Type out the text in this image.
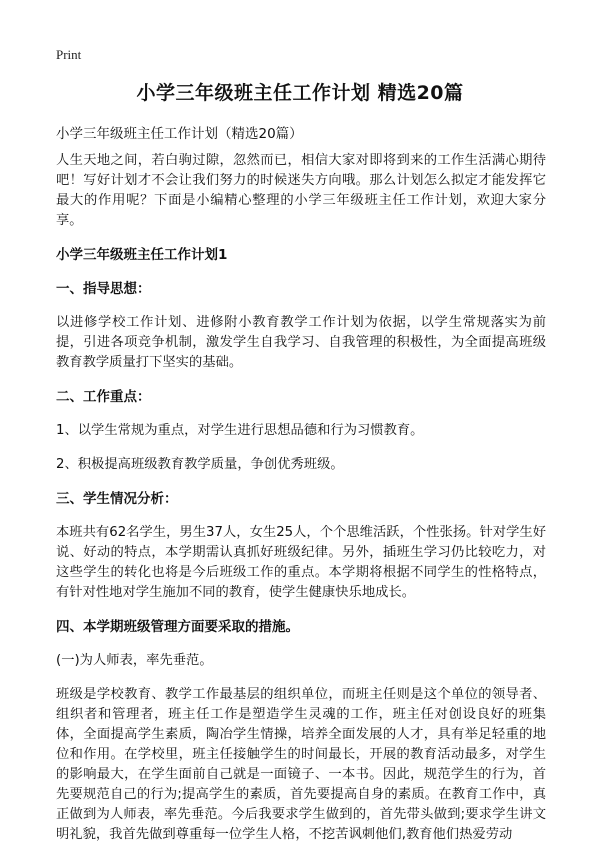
Print

小学三年级班主任工作计划 精选20篇

小学三年级班主任工作计划（精选20篇）

人生天地之间，若白驹过隙，忽然而已，相信大家对即将到来的工作生活满心期待吧！写好计划才不会让我们努力的时候迷失方向哦。那么计划怎么拟定才能发挥它最大的作用呢？下面是小编精心整理的小学三年级班主任工作计划，欢迎大家分享。

小学三年级班主任工作计划1

一、指导思想：

以进修学校工作计划、进修附小教育教学工作计划为依据，以学生常规落实为前提，引进各项竞争机制，激发学生自我学习、自我管理的积极性，为全面提高班级教育教学质量打下坚实的基础。

二、工作重点：

1、以学生常规为重点，对学生进行思想品德和行为习惯教育。

2、积极提高班级教育教学质量，争创优秀班级。

三、学生情况分析：

本班共有62名学生，男生37人，女生25人，个个思维活跃，个性张扬。针对学生好说、好动的特点，本学期需认真抓好班级纪律。另外，插班生学习仍比较吃力，对这些学生的转化也将是今后班级工作的重点。本学期将根据不同学生的性格特点，有针对性地对学生施加不同的教育，使学生健康快乐地成长。

四、本学期班级管理方面要采取的措施。

(一)为人师表，率先垂范。

班级是学校教育、教学工作最基层的组织单位，而班主任则是这个单位的领导者、组织者和管理者，班主任工作是塑造学生灵魂的工作，班主任对创设良好的班集体，全面提高学生素质，陶冶学生情操，培养全面发展的人才，具有举足轻重的地位和作用。在学校里，班主任接触学生的时间最长，开展的教育活动最多，对学生的影响最大，在学生面前自己就是一面镜子、一本书。因此，规范学生的行为，首先要规范自己的行为;提高学生的素质，首先要提高自身的素质。在教育工作中，真正做到为人师表，率先垂范。今后我要求学生做到的，首先带头做到;要求学生讲文明礼貌，我首先做到尊重每一位学生人格，不挖苦讽刺他们,教育他们热爱劳动
